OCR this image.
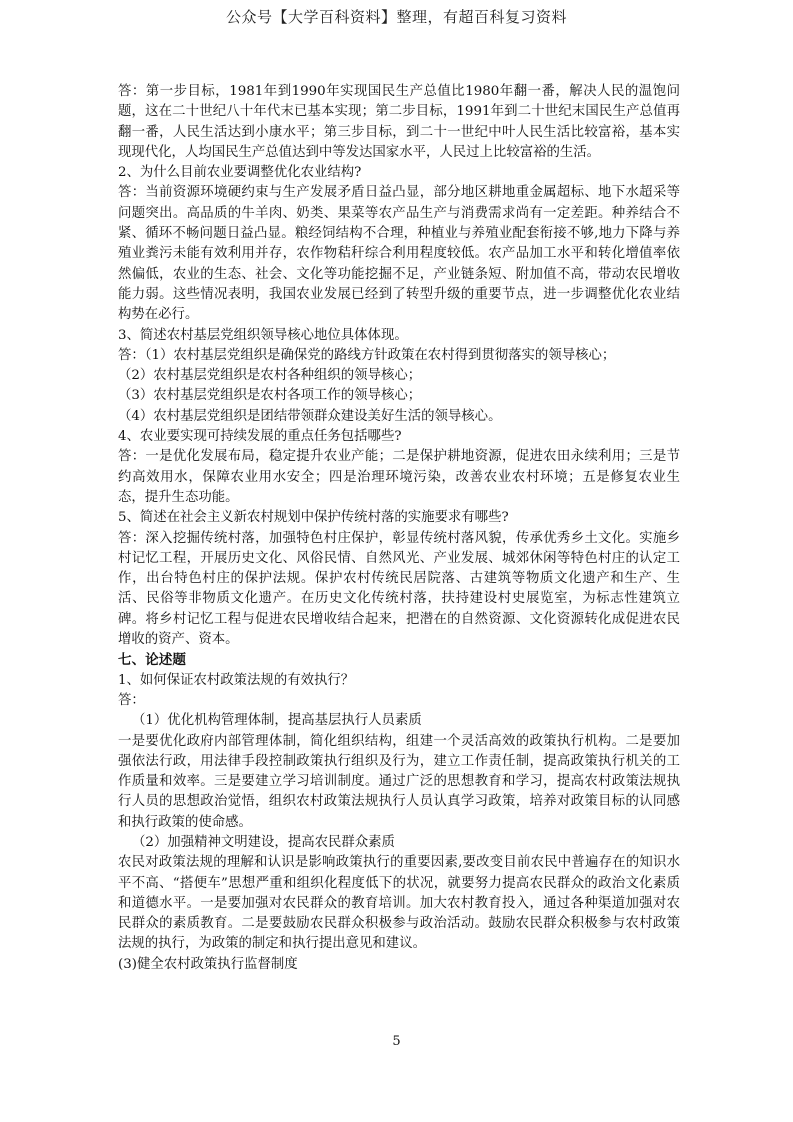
公众号【大学百科资料】整理，有超百科复习资料

答：第一步目标，1981年到1990年实现国民生产总值比1980年翻一番，解决人民的温饱问题，这在二十世纪八十年代末已基本实现；第二步目标，1991年到二十世纪末国民生产总值再翻一番，人民生活达到小康水平；第三步目标，到二十一世纪中叶人民生活比较富裕，基本实现现代化，人均国民生产总值达到中等发达国家水平，人民过上比较富裕的生活。

2、为什么目前农业要调整优化农业结构?

答：当前资源环境硬约束与生产发展矛盾日益凸显，部分地区耕地重金属超标、地下水超采等问题突出。高品质的牛羊肉、奶类、果菜等农产品生产与消费需求尚有一定差距。种养结合不紧、循环不畅问题日益凸显。粮经饲结构不合理，种植业与养殖业配套衔接不够,地力下降与养殖业粪污未能有效利用并存，农作物秸秆综合利用程度较低。农产品加工水平和转化增值率依然偏低，农业的生态、社会、文化等功能挖掘不足，产业链条短、附加值不高，带动农民增收能力弱。这些情况表明，我国农业发展已经到了转型升级的重要节点，进一步调整优化农业结构势在必行。

3、简述农村基层党组织领导核心地位具体体现。

答：（1）农村基层党组织是确保党的路线方针政策在农村得到贯彻落实的领导核心；

（2）农村基层党组织是农村各种组织的领导核心；

（3）农村基层党组织是农村各项工作的领导核心；

（4）农村基层党组织是团结带领群众建设美好生活的领导核心。

4、农业要实现可持续发展的重点任务包括哪些?

答：一是优化发展布局，稳定提升农业产能；二是保护耕地资源，促进农田永续利用；三是节约高效用水，保障农业用水安全；四是治理环境污染，改善农业农村环境；五是修复农业生态，提升生态功能。

5、简述在社会主义新农村规划中保护传统村落的实施要求有哪些?

答：深入挖掘传统村落，加强特色村庄保护，彰显传统村落风貌，传承优秀乡土文化。实施乡村记忆工程，开展历史文化、风俗民情、自然风光、产业发展、城郊休闲等特色村庄的认定工作，出台特色村庄的保护法规。保护农村传统民居院落、古建筑等物质文化遗产和生产、生活、民俗等非物质文化遗产。在历史文化传统村落，扶持建设村史展览室，为标志性建筑立碑。将乡村记忆工程与促进农民增收结合起来，把潜在的自然资源、文化资源转化成促进农民增收的资产、资本。

七、论述题

1、如何保证农村政策法规的有效执行？

答：

（1）优化机构管理体制，提高基层执行人员素质

一是要优化政府内部管理体制，简化组织结构，组建一个灵活高效的政策执行机构。二是要加强依法行政，用法律手段控制政策执行组织及行为，建立工作责任制，提高政策执行机关的工作质量和效率。三是要建立学习培训制度。通过广泛的思想教育和学习，提高农村政策法规执行人员的思想政治觉悟，组织农村政策法规执行人员认真学习政策，培养对政策目标的认同感和执行政策的使命感。

（2）加强精神文明建设，提高农民群众素质

农民对政策法规的理解和认识是影响政策执行的重要因素,要改变目前农民中普遍存在的知识水平不高、“搭便车”思想严重和组织化程度低下的状况，就要努力提高农民群众的政治文化素质和道德水平。一是要加强对农民群众的教育培训。加大农村教育投入，通过各种渠道加强对农民群众的素质教育。二是要鼓励农民群众积极参与政治活动。鼓励农民群众积极参与农村政策法规的执行，为政策的制定和执行提出意见和建议。

(3)健全农村政策执行监督制度

5
